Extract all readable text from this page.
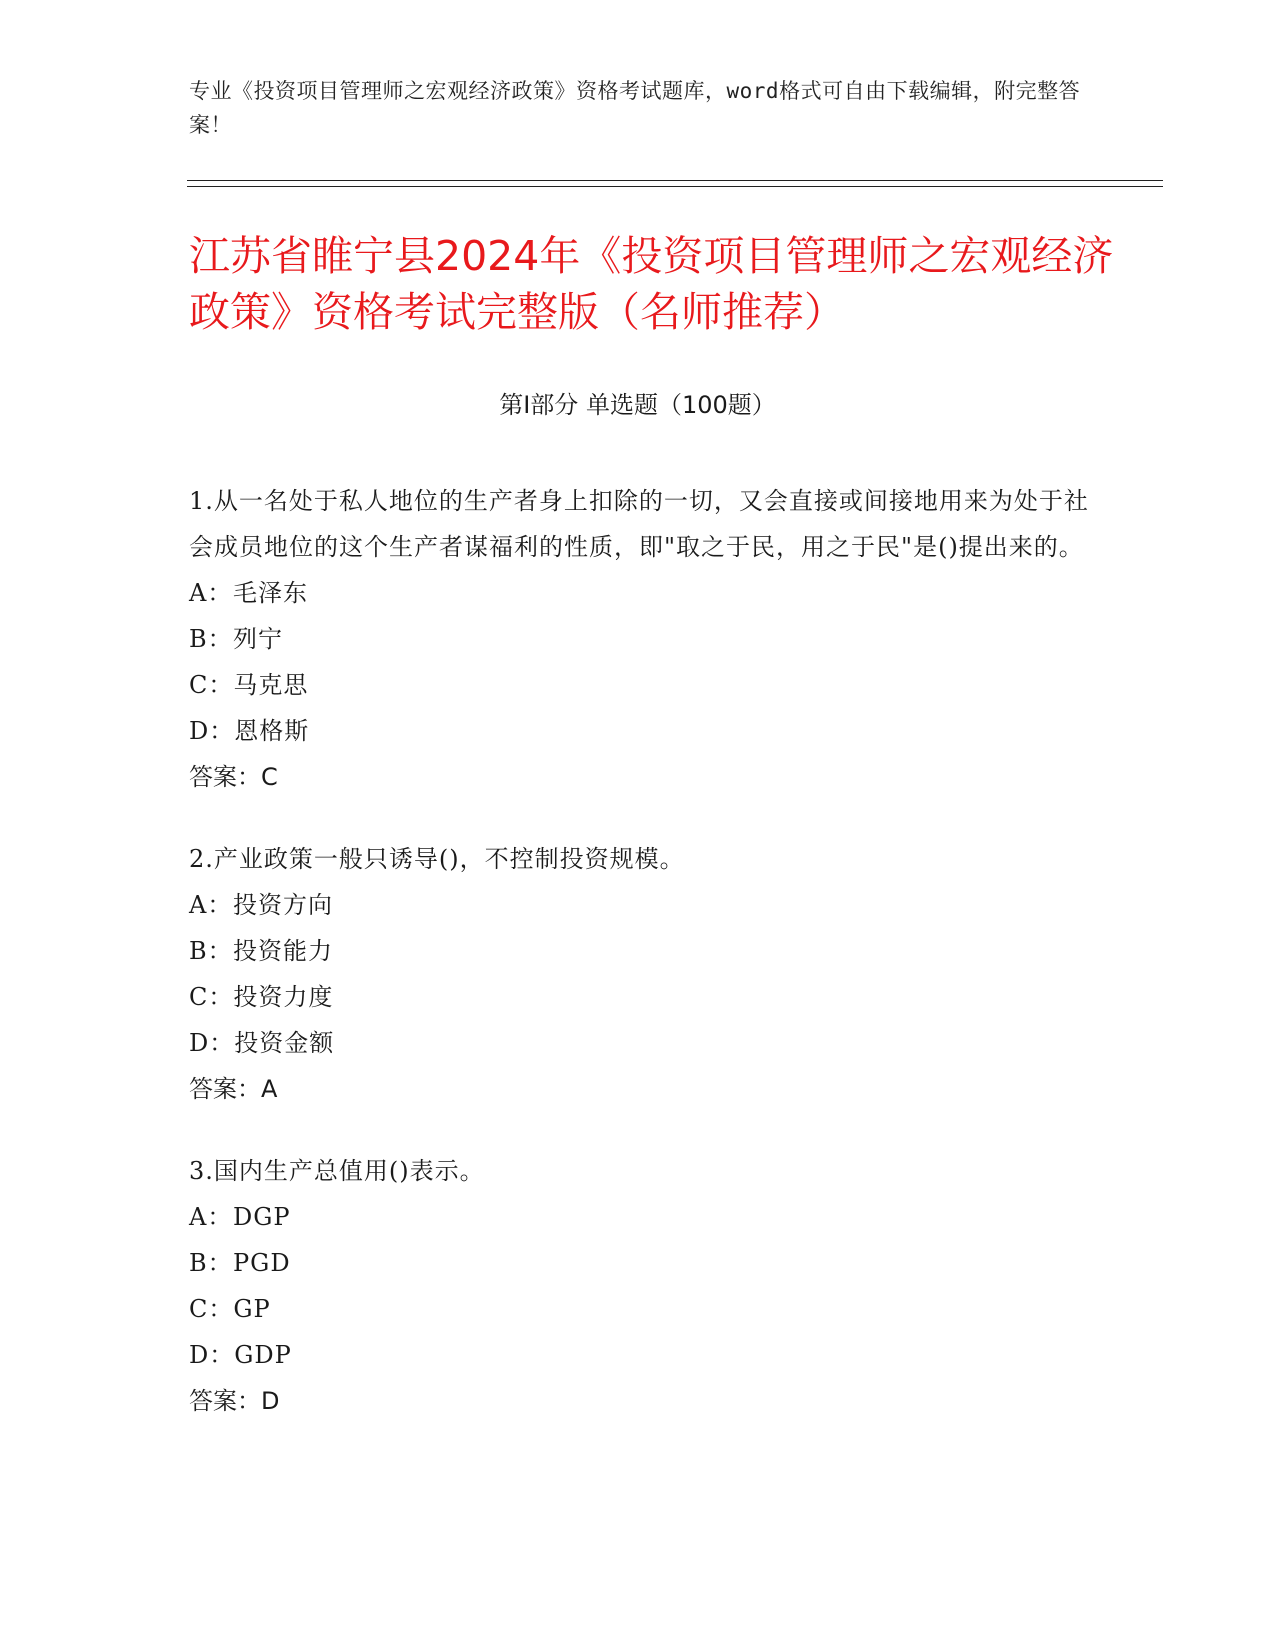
专业《投资项目管理师之宏观经济政策》资格考试题库，word格式可自由下载编辑，附完整答案！
江苏省睢宁县2024年《投资项目管理师之宏观经济政策》资格考试完整版（名师推荐）
第I部分 单选题（100题）
1.从一名处于私人地位的生产者身上扣除的一切，又会直接或间接地用来为处于社会成员地位的这个生产者谋福利的性质，即"取之于民，用之于民"是()提出来的。
A：毛泽东
B：列宁
C：马克思
D：恩格斯
答案：C
2.产业政策一般只诱导()，不控制投资规模。
A：投资方向
B：投资能力
C：投资力度
D：投资金额
答案：A
3.国内生产总值用()表示。
A：DGP
B：PGD
C：GP
D：GDP
答案：D
